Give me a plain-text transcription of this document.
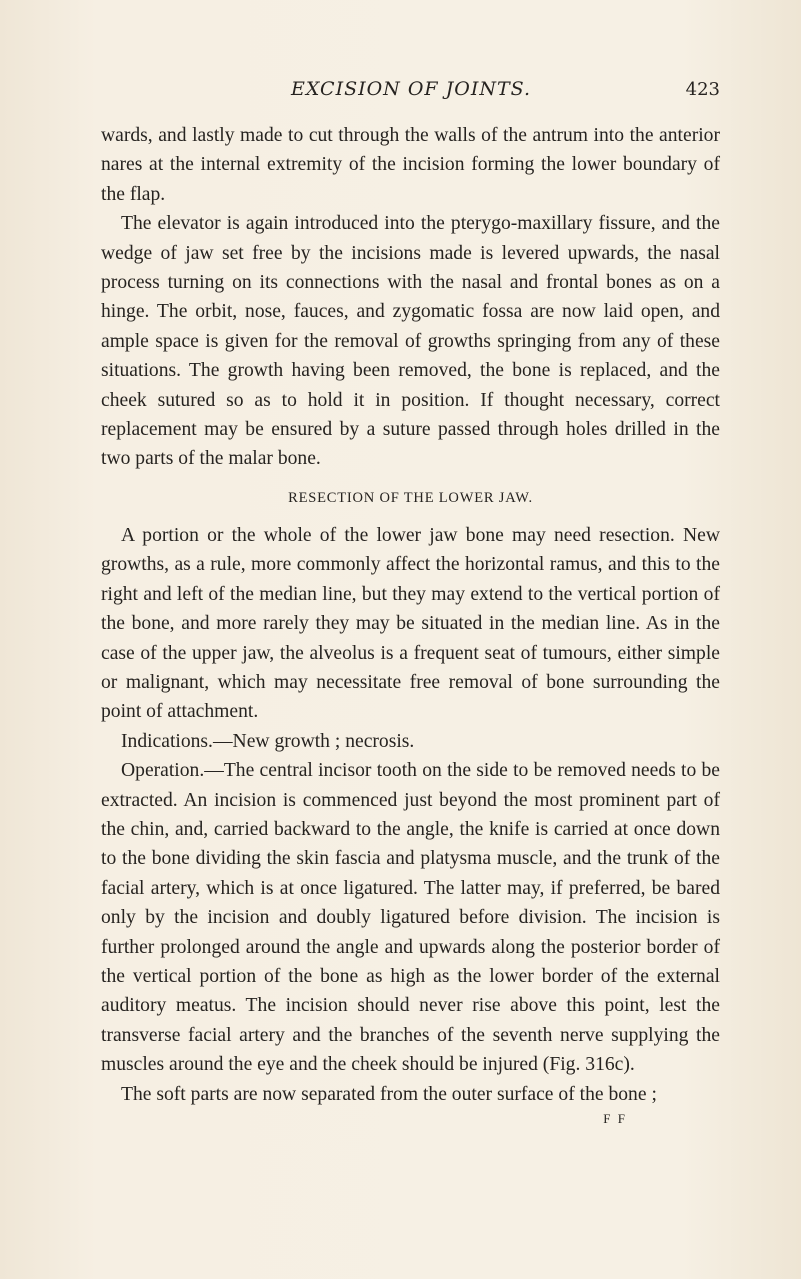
EXCISION OF JOINTS.	423

wards, and lastly made to cut through the walls of the antrum into the anterior nares at the internal extremity of the incision forming the lower boundary of the flap.

The elevator is again introduced into the pterygo-maxillary fissure, and the wedge of jaw set free by the incisions made is levered upwards, the nasal process turning on its connections with the nasal and frontal bones as on a hinge. The orbit, nose, fauces, and zygomatic fossa are now laid open, and ample space is given for the removal of growths springing from any of these situations. The growth having been removed, the bone is replaced, and the cheek sutured so as to hold it in position. If thought necessary, correct replacement may be ensured by a suture passed through holes drilled in the two parts of the malar bone.

RESECTION OF THE LOWER JAW.

A portion or the whole of the lower jaw bone may need resection. New growths, as a rule, more commonly affect the horizontal ramus, and this to the right and left of the median line, but they may extend to the vertical portion of the bone, and more rarely they may be situated in the median line. As in the case of the upper jaw, the alveolus is a frequent seat of tumours, either simple or malignant, which may necessitate free removal of bone surrounding the point of attachment.

Indications.—New growth ; necrosis.

Operation.—The central incisor tooth on the side to be removed needs to be extracted. An incision is commenced just beyond the most prominent part of the chin, and, carried backward to the angle, the knife is carried at once down to the bone dividing the skin fascia and platysma muscle, and the trunk of the facial artery, which is at once ligatured. The latter may, if preferred, be bared only by the incision and doubly ligatured before division. The incision is further prolonged around the angle and upwards along the posterior border of the vertical portion of the bone as high as the lower border of the external auditory meatus. The incision should never rise above this point, lest the transverse facial artery and the branches of the seventh nerve supplying the muscles around the eye and the cheek should be injured (Fig. 316c).

The soft parts are now separated from the outer surface of the bone ;

F F
